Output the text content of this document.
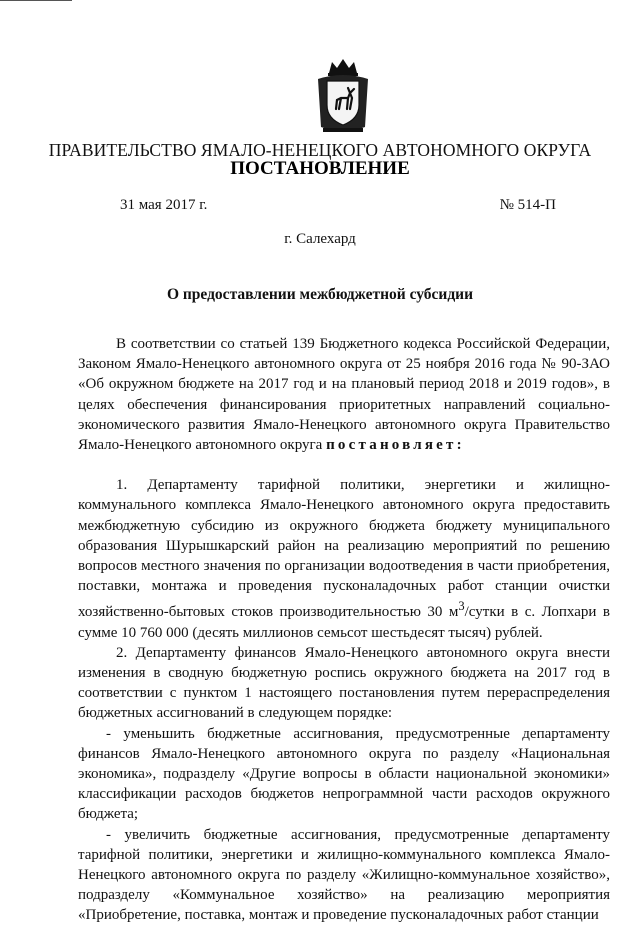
ПРАВИТЕЛЬСТВО ЯМАЛО-НЕНЕЦКОГО АВТОНОМНОГО ОКРУГА
ПОСТАНОВЛЕНИЕ
31 мая 2017 г.	№ 514-П
г. Салехард
О предоставлении межбюджетной субсидии

В соответствии со статьей 139 Бюджетного кодекса Российской Федерации, Законом Ямало-Ненецкого автономного округа от 25 ноября 2016 года № 90-ЗАО «Об окружном бюджете на 2017 год и на плановый период 2018 и 2019 годов», в целях обеспечения финансирования приоритетных направлений социально-экономического развития Ямало-Ненецкого автономного округа Правительство Ямало-Ненецкого автономного округа постановляет:

1. Департаменту тарифной политики, энергетики и жилищно-коммунального комплекса Ямало-Ненецкого автономного округа предоставить межбюджетную субсидию из окружного бюджета бюджету муниципального образования Шурышкарский район на реализацию мероприятий по решению вопросов местного значения по организации водоотведения в части приобретения, поставки, монтажа и проведения пусконаладочных работ станции очистки хозяйственно-бытовых стоков производительностью 30 $м^3$/сутки в с. Лопхари в сумме 10 760 000 (десять миллионов семьсот шестьдесят тысяч) рублей.

2. Департаменту финансов Ямало-Ненецкого автономного округа внести изменения в сводную бюджетную роспись окружного бюджета на 2017 год в соответствии с пунктом 1 настоящего постановления путем перераспределения бюджетных ассигнований в следующем порядке:

- уменьшить бюджетные ассигнования, предусмотренные департаменту финансов Ямало-Ненецкого автономного округа по разделу «Национальная экономика», подразделу «Другие вопросы в области национальной экономики» классификации расходов бюджетов непрограммной части расходов окружного бюджета;

- увеличить бюджетные ассигнования, предусмотренные департаменту тарифной политики, энергетики и жилищно-коммунального комплекса Ямало-Ненецкого автономного округа по разделу «Жилищно-коммунальное хозяйство», подразделу «Коммунальное хозяйство» на реализацию мероприятия «Приобретение, поставка, монтаж и проведение пусконаладочных работ станции
